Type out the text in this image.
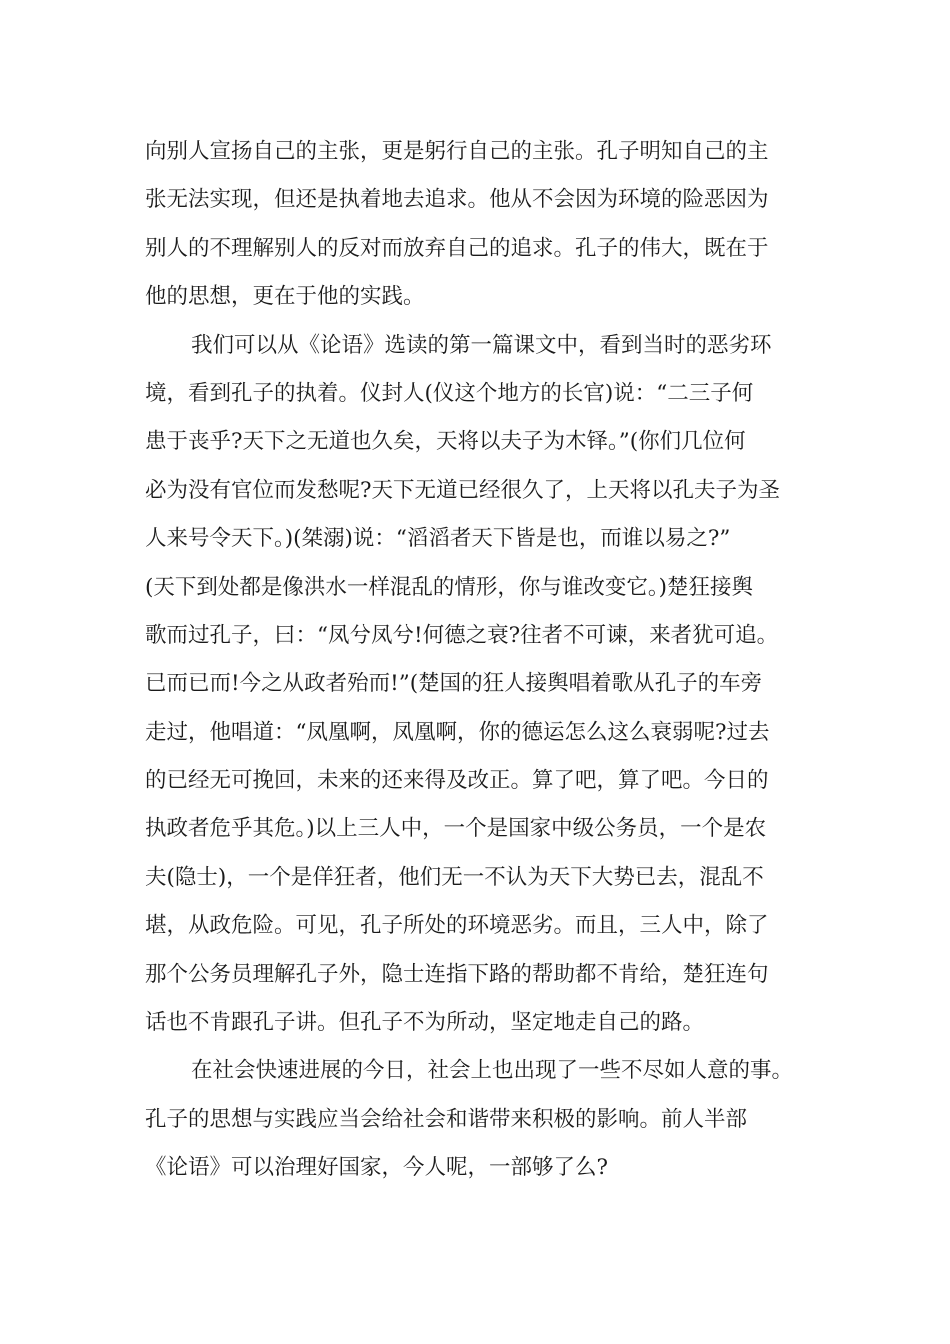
向别人宣扬自己的主张，更是躬行自己的主张。孔子明知自己的主
张无法实现，但还是执着地去追求。他从不会因为环境的险恶因为
别人的不理解别人的反对而放弃自己的追求。孔子的伟大，既在于
他的思想，更在于他的实践。
我们可以从《论语》选读的第一篇课文中，看到当时的恶劣环
境，看到孔子的执着。仪封人(仪这个地方的长官)说：“二三子何
患于丧乎?天下之无道也久矣，天将以夫子为木铎。”(你们几位何
必为没有官位而发愁呢?天下无道已经很久了，上天将以孔夫子为圣
人来号令天下。)(桀溺)说：“滔滔者天下皆是也，而谁以易之?”
(天下到处都是像洪水一样混乱的情形，你与谁改变它。)楚狂接舆
歌而过孔子，曰：“凤兮凤兮!何德之衰?往者不可谏，来者犹可追。
已而已而!今之从政者殆而!”(楚国的狂人接舆唱着歌从孔子的车旁
走过，他唱道：“凤凰啊，凤凰啊，你的德运怎么这么衰弱呢?过去
的已经无可挽回，未来的还来得及改正。算了吧，算了吧。今日的
执政者危乎其危。)以上三人中，一个是国家中级公务员，一个是农
夫(隐士)，一个是佯狂者，他们无一不认为天下大势已去，混乱不
堪，从政危险。可见，孔子所处的环境恶劣。而且，三人中，除了
那个公务员理解孔子外，隐士连指下路的帮助都不肯给，楚狂连句
话也不肯跟孔子讲。但孔子不为所动，坚定地走自己的路。
在社会快速进展的今日，社会上也出现了一些不尽如人意的事。
孔子的思想与实践应当会给社会和谐带来积极的影响。前人半部
《论语》可以治理好国家，今人呢，一部够了么?
